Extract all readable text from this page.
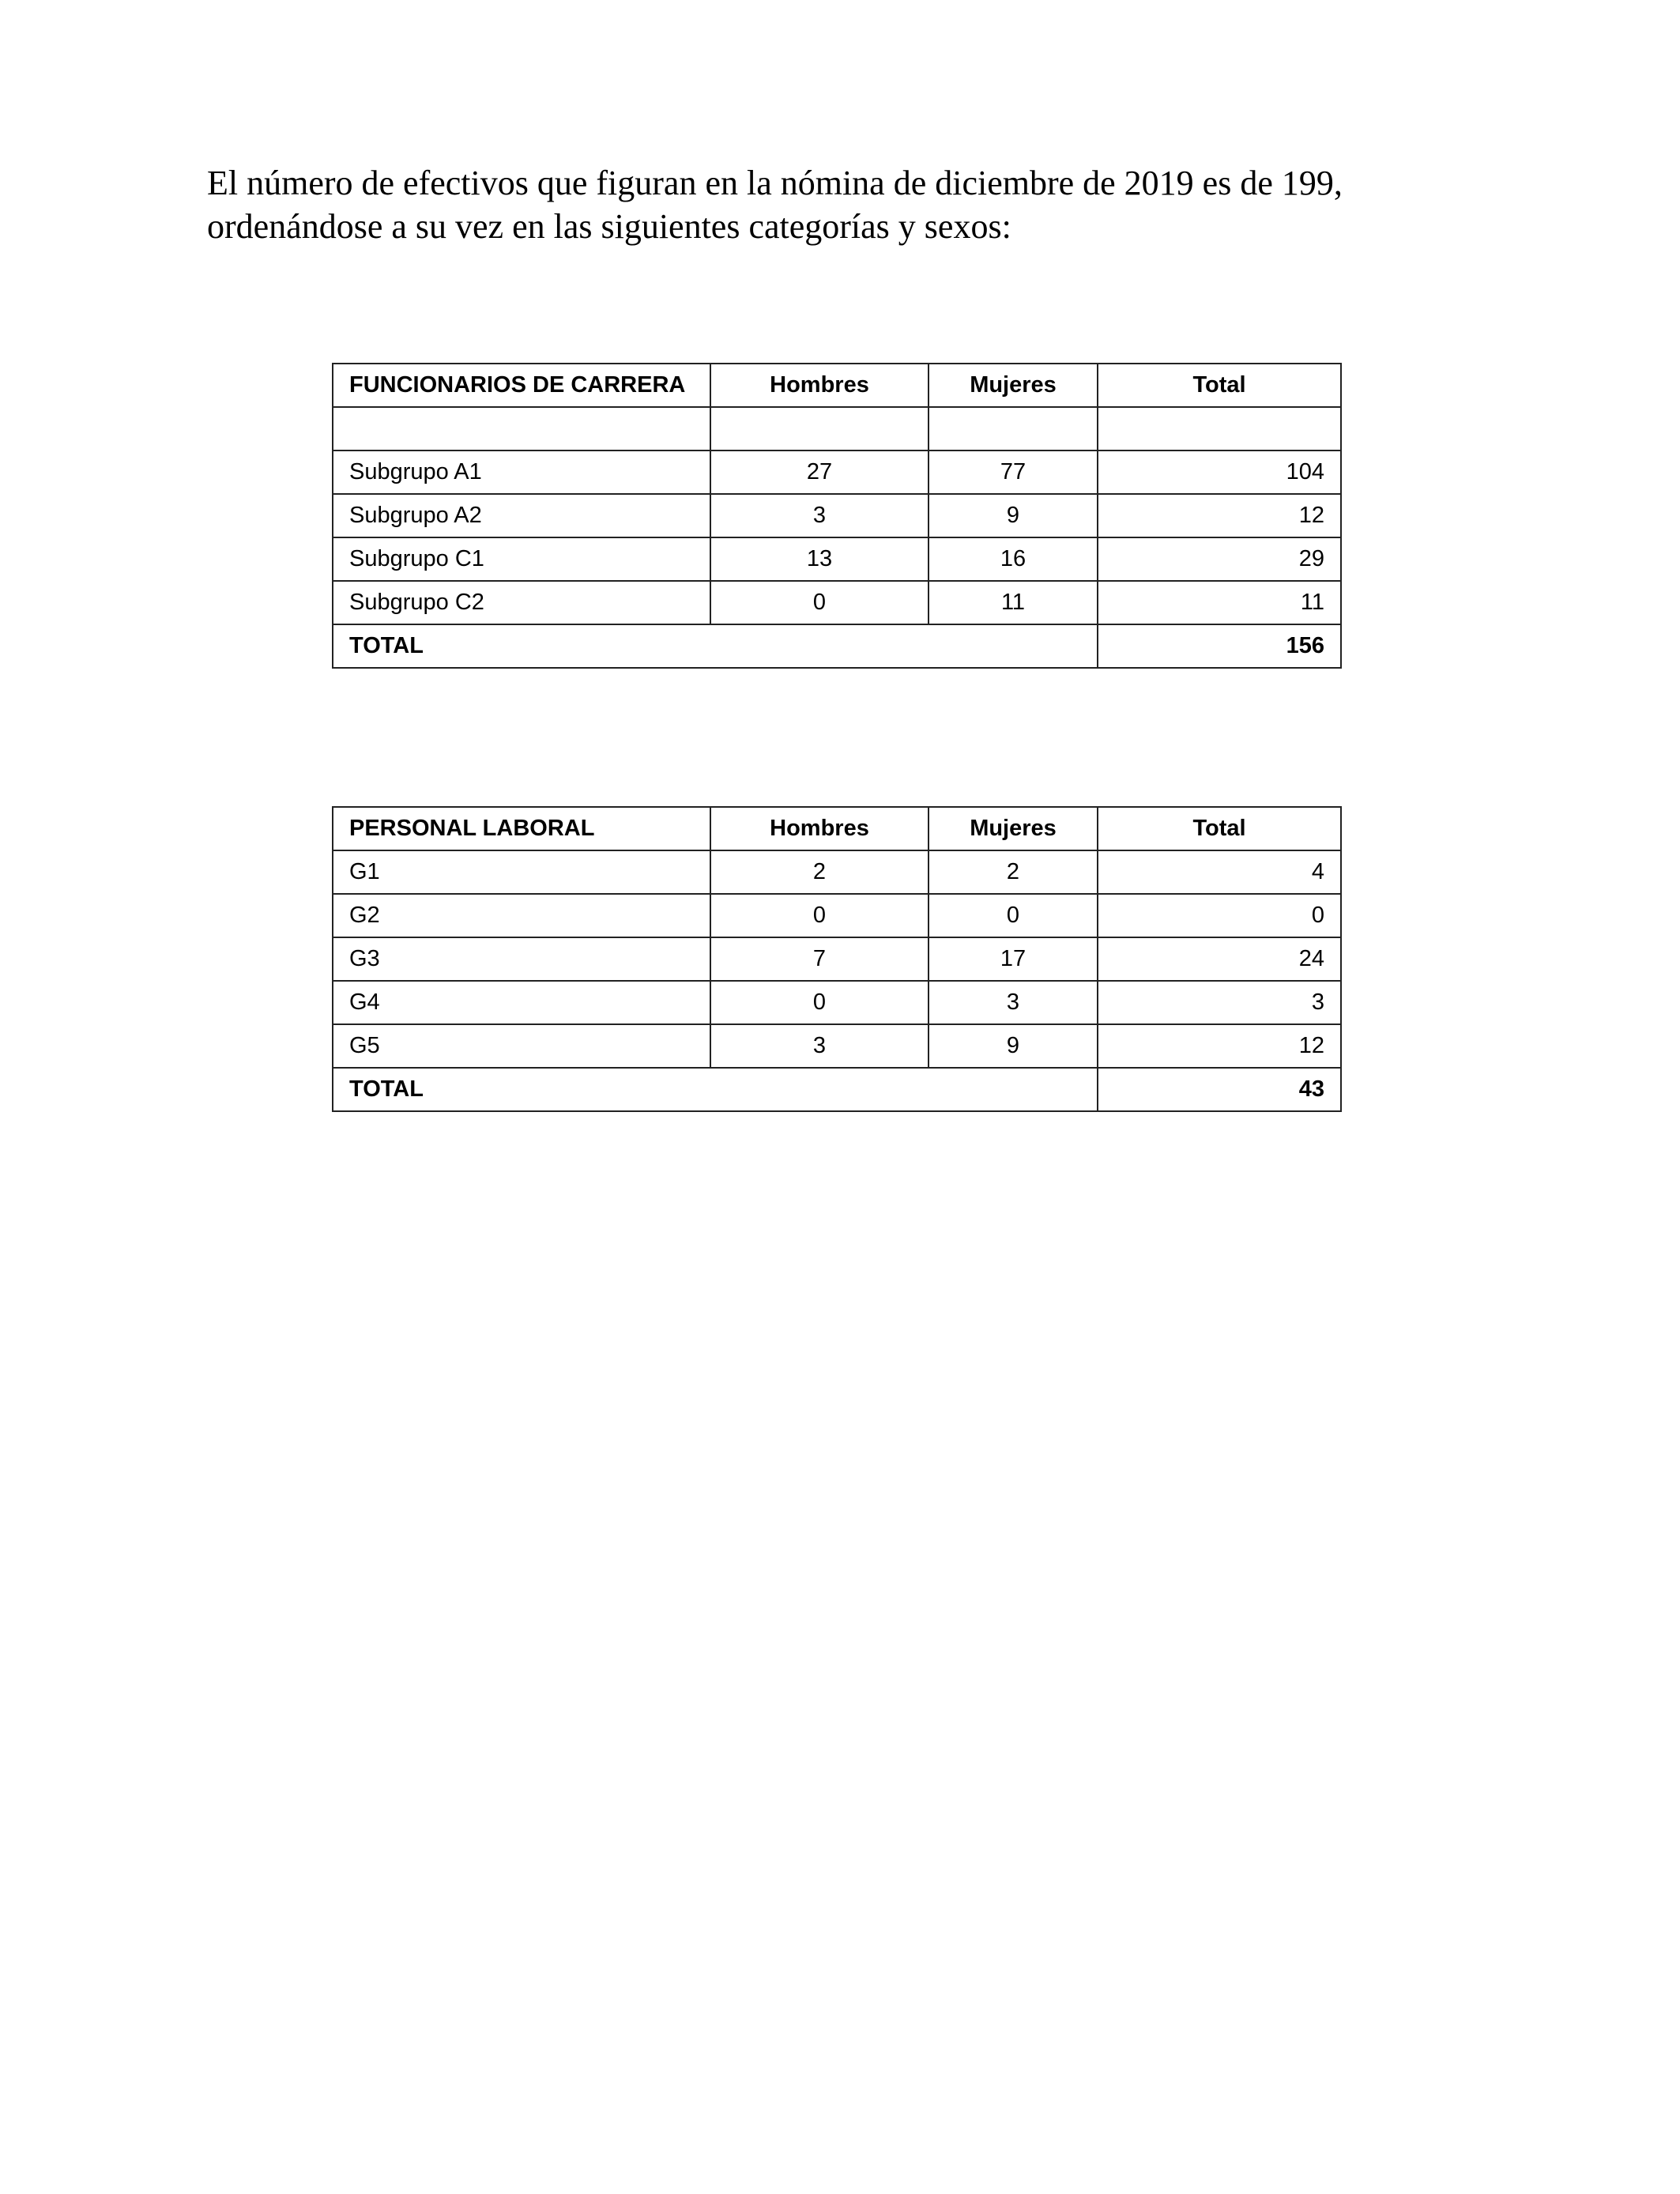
El número de efectivos que figuran en la nómina de diciembre de 2019 es de 199,
ordenándose a su vez en las siguientes categorías y sexos:

FUNCIONARIOS DE CARRERA	Hombres	Mujeres	Total

Subgrupo A1	27	77	104
Subgrupo A2	3	9	12
Subgrupo C1	13	16	29
Subgrupo C2	0	11	11
TOTAL			156
PERSONAL LABORAL	Hombres	Mujeres	Total
G1	2	2	4
G2	0	0	0
G3	7	17	24
G4	0	3	3
G5	3	9	12
TOTAL			43
